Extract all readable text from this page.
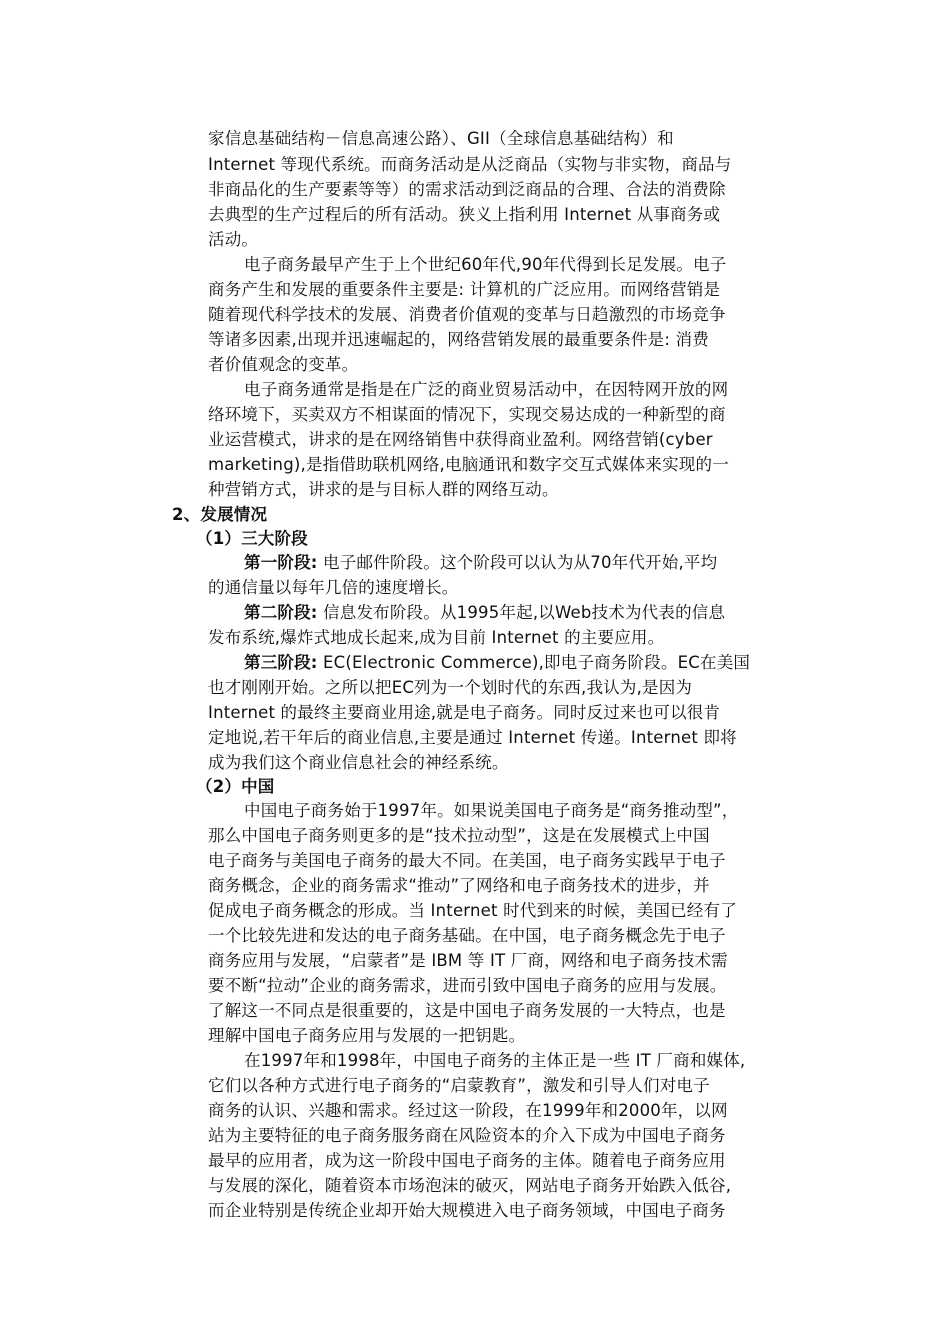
家信息基础结构－信息高速公路）、GII（全球信息基础结构）和
Internet 等现代系统。而商务活动是从泛商品（实物与非实物，商品与
非商品化的生产要素等等）的需求活动到泛商品的合理、合法的消费除
去典型的生产过程后的所有活动。狭义上指利用 Internet 从事商务或
活动。
电子商务最早产生于上个世纪60年代,90年代得到长足发展。电子
商务产生和发展的重要条件主要是: 计算机的广泛应用。而网络营销是
随着现代科学技术的发展、消费者价值观的变革与日趋激烈的市场竞争
等诸多因素,出现并迅速崛起的，网络营销发展的最重要条件是: 消费
者价值观念的变革。
电子商务通常是指是在广泛的商业贸易活动中，在因特网开放的网
络环境下，买卖双方不相谋面的情况下，实现交易达成的一种新型的商
业运营模式，讲求的是在网络销售中获得商业盈利。网络营销(cyber
marketing),是指借助联机网络,电脑通讯和数字交互式媒体来实现的一
种营销方式，讲求的是与目标人群的网络互动。
2、发展情况
（1）三大阶段
第一阶段: 电子邮件阶段。这个阶段可以认为从70年代开始,平均
的通信量以每年几倍的速度增长。
第二阶段: 信息发布阶段。从1995年起,以Web技术为代表的信息
发布系统,爆炸式地成长起来,成为目前 Internet 的主要应用。
第三阶段: EC(Electronic Commerce),即电子商务阶段。EC在美国
也才刚刚开始。之所以把EC列为一个划时代的东西,我认为,是因为
Internet 的最终主要商业用途,就是电子商务。同时反过来也可以很肯
定地说,若干年后的商业信息,主要是通过 Internet 传递。Internet 即将
成为我们这个商业信息社会的神经系统。
（2）中国
中国电子商务始于1997年。如果说美国电子商务是“商务推动型”，
那么中国电子商务则更多的是“技术拉动型”，这是在发展模式上中国
电子商务与美国电子商务的最大不同。在美国，电子商务实践早于电子
商务概念，企业的商务需求“推动”了网络和电子商务技术的进步，并
促成电子商务概念的形成。当 Internet 时代到来的时候，美国已经有了
一个比较先进和发达的电子商务基础。在中国，电子商务概念先于电子
商务应用与发展，“启蒙者”是 IBM 等 IT 厂商，网络和电子商务技术需
要不断“拉动”企业的商务需求，进而引致中国电子商务的应用与发展。
了解这一不同点是很重要的，这是中国电子商务发展的一大特点，也是
理解中国电子商务应用与发展的一把钥匙。
在1997年和1998年，中国电子商务的主体正是一些 IT 厂商和媒体,
它们以各种方式进行电子商务的“启蒙教育”，激发和引导人们对电子
商务的认识、兴趣和需求。经过这一阶段，在1999年和2000年，以网
站为主要特征的电子商务服务商在风险资本的介入下成为中国电子商务
最早的应用者，成为这一阶段中国电子商务的主体。随着电子商务应用
与发展的深化，随着资本市场泡沫的破灭，网站电子商务开始跌入低谷,
而企业特别是传统企业却开始大规模进入电子商务领域，中国电子商务
